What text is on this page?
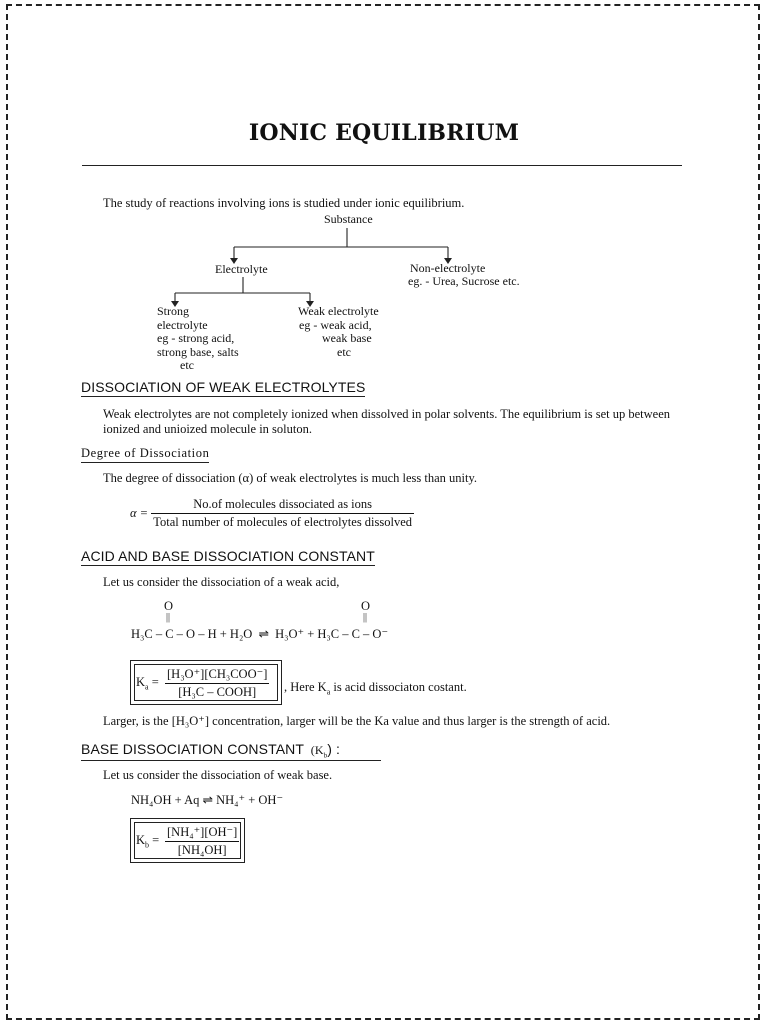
IONIC EQUILIBRIUM
The study of reactions involving ions is studied under ionic equilibrium.
Substance
Electrolyte	Non-electrolyte
eg. - Urea, Sucrose etc.
Strong
electrolyte
eg - strong acid,
strong base, salts
etc
Weak electrolyte
eg - weak acid,
weak base
etc
DISSOCIATION OF WEAK ELECTROLYTES
Weak electrolytes are not completely ionized when dissolved in polar solvents. The equilibrium is set up between
ionized and unioized molecule in soluton.
Degree of Dissociation
The degree of dissociation (α) of weak electrolytes is much less than unity.
$\alpha = \frac{\text{No.of molecules dissociated as ions}}{\text{Total number of molecules of electrolytes dissolved}}$
ACID AND BASE DISSOCIATION CONSTANT
Let us consider the dissociation of a weak acid,
O
||
O
||
H₃C – C – O – H + H₂O ⇌ H₃O⁺ + H₃C – C – O⁻
$K_a = \frac{\text{[H₃O⁺][CH₃COO⁻]}}{\text{[H₃C – COOH]}}$ , Here $K_a$ is acid dissociaton costant.
Larger, is the [H₃O⁺] concentration, larger will be the Ka value and thus larger is the strength of acid.
BASE DISSOCIATION CONSTANT $(K_b)$ :
Let us consider the dissociation of weak base.
NH₄OH + Aq ⇌ NH₄⁺ + OH⁻
$K_b = \frac{\text{[NH₄⁺][OH⁻]}}{\text{[NH₄OH]}}$
